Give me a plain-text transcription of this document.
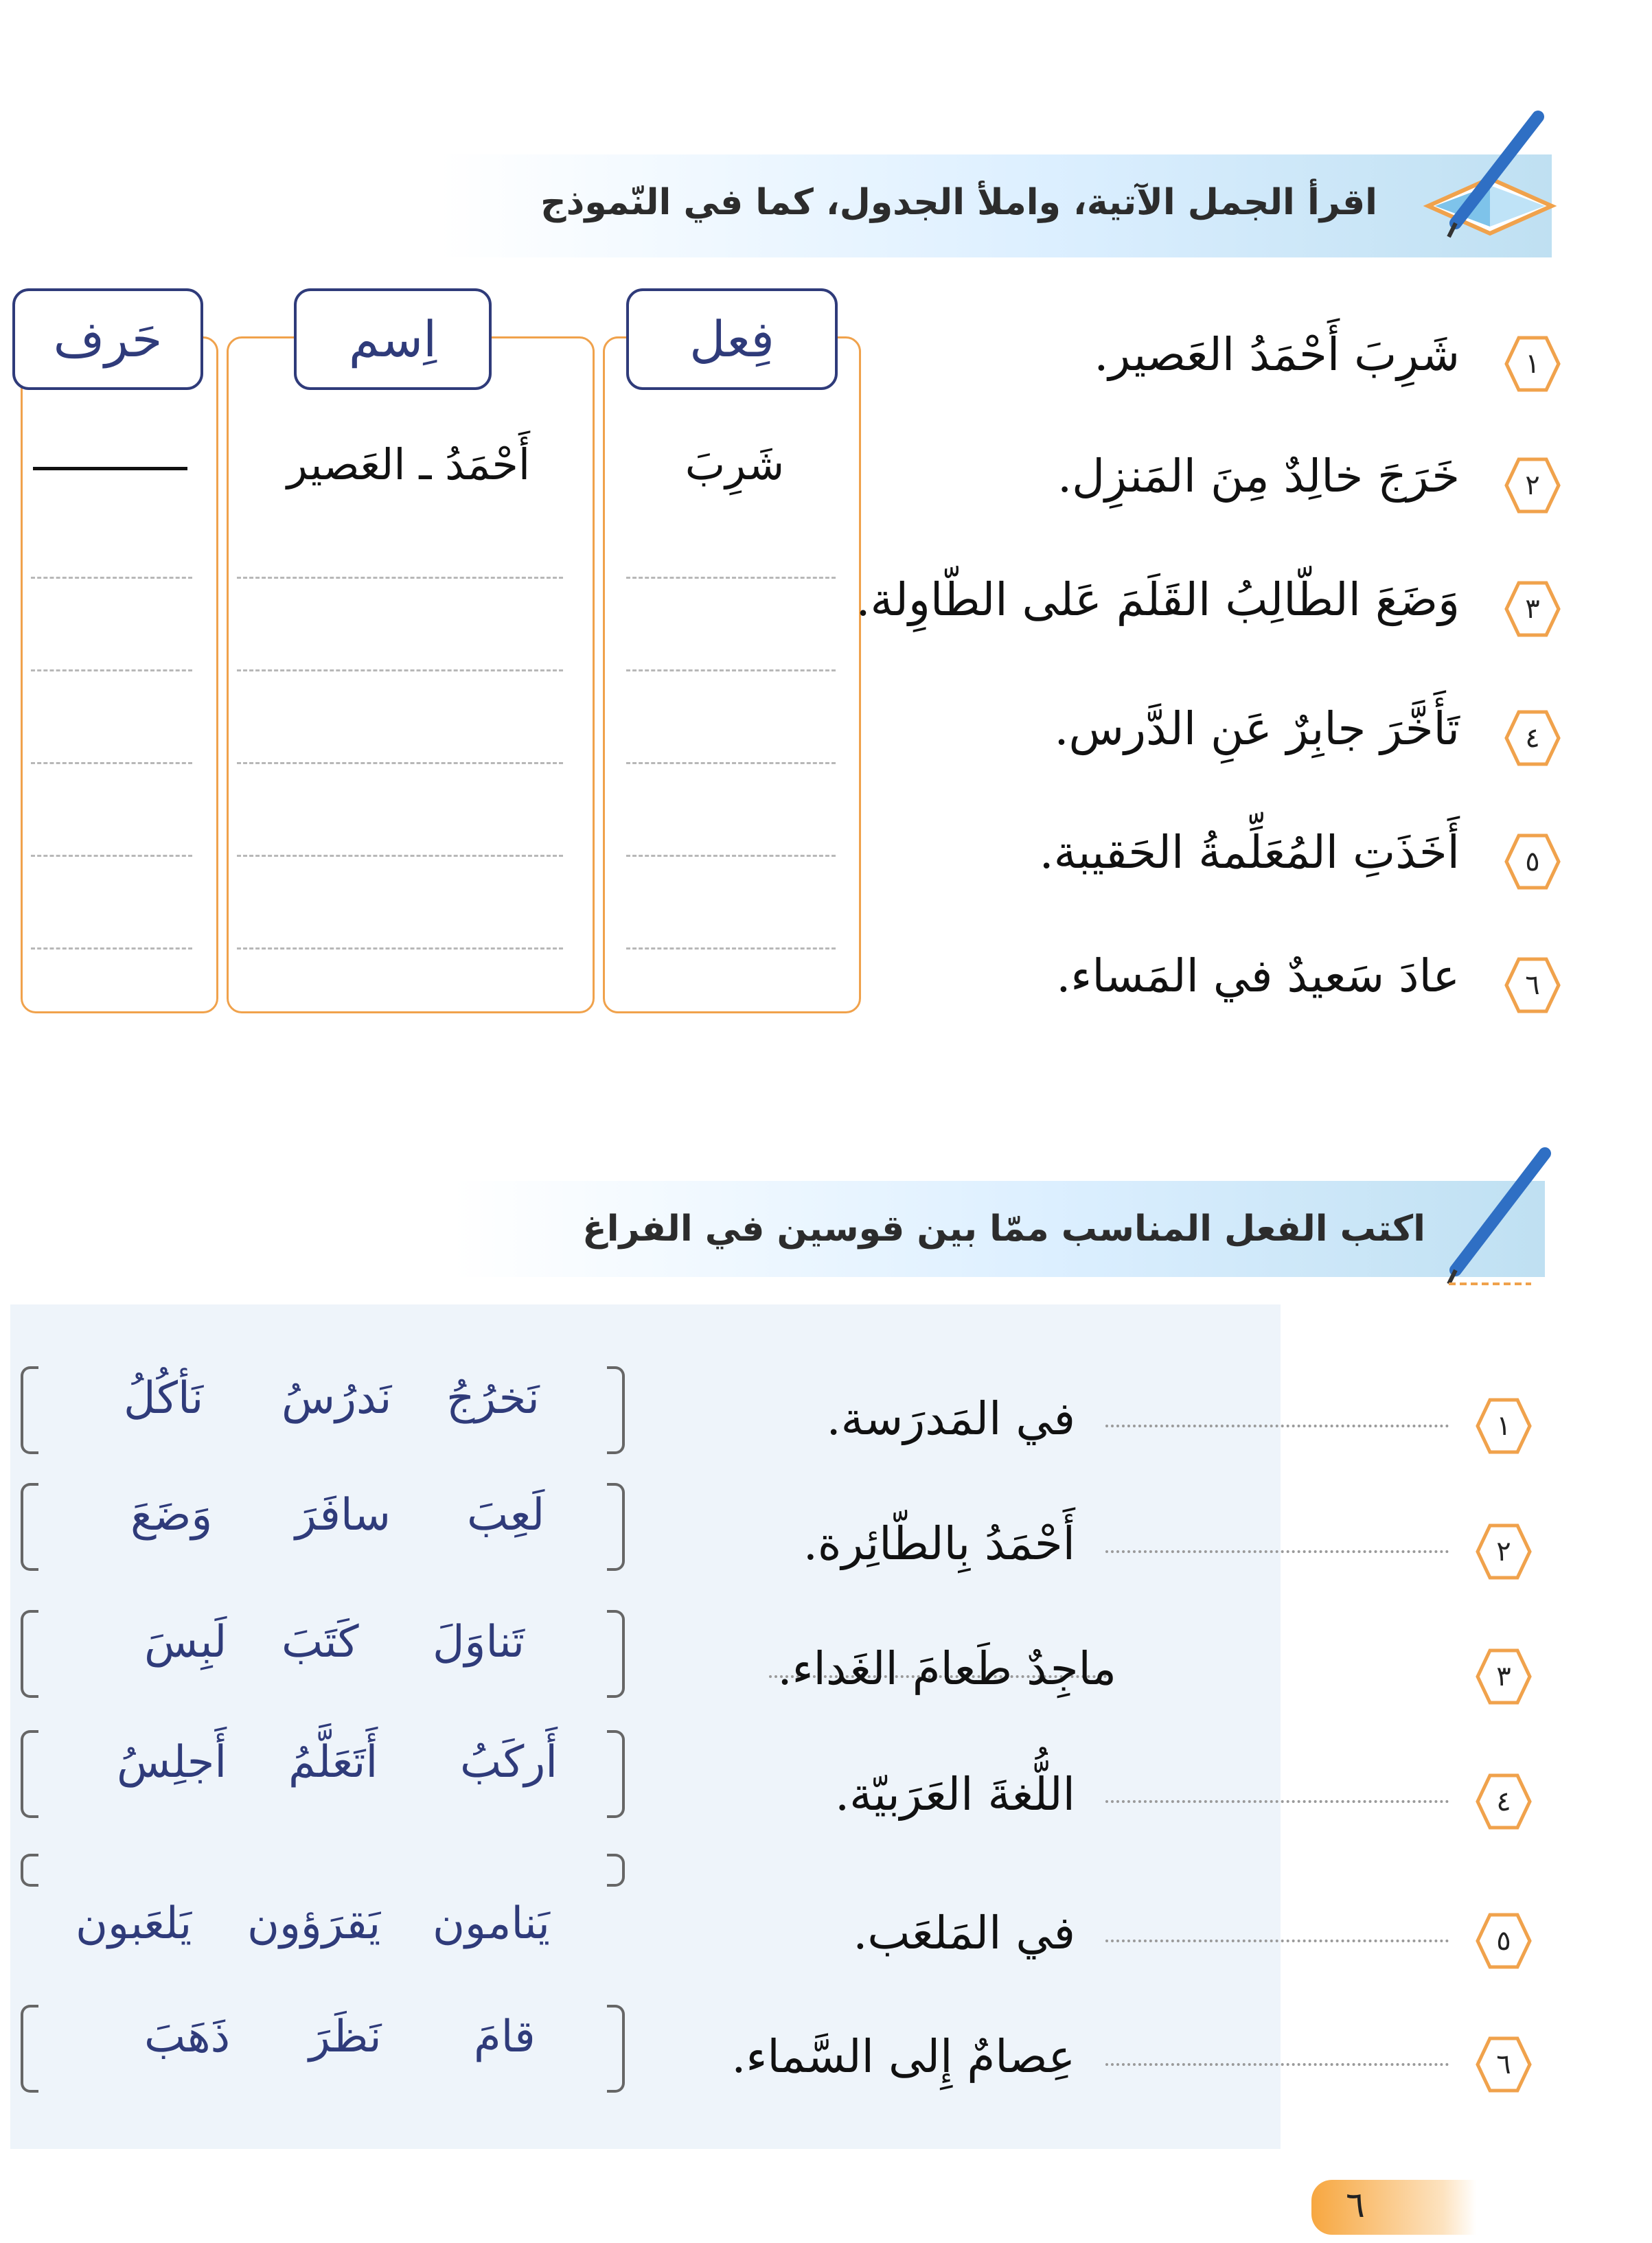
اقرأ الجمل الآتية، واملأ الجدول، كما في النّموذج
فِعل
اِسم
حَرف
شَرِبَ
أَحْمَدُ ـ العَصير
١
شَرِبَ أَحْمَدُ العَصير.
٢
خَرَجَ خالِدٌ مِنَ المَنزِل.
٣
وَضَعَ الطّالِبُ القَلَمَ عَلى الطّاوِلة.
٤
تَأَخَّرَ جابِرٌ عَنِ الدَّرس.
٥
أَخَذَتِ المُعَلِّمةُ الحَقيبة.
٦
عادَ سَعيدٌ في المَساء.
اكتب الفعل المناسب ممّا بين قوسين في الفراغ
١
في المَدرَسة.
نَخرُجُ
نَدرُسُ
نَأكُلُ
٢
أَحْمَدُ بِالطّائِرة.
لَعِبَ
سافَرَ
وَضَعَ
٣
ماجِدٌ طَعامَ الغَداء.
تَناوَلَ
كَتَبَ
لَبِسَ
٤
اللُّغةَ العَرَبيّة.
أَركَبُ
أَتَعَلَّمُ
أَجلِسُ
٥
في المَلعَب.
يَنامون
يَقرَؤون
يَلعَبون
٦
عِصامٌ إِلى السَّماء.
قامَ
نَظَرَ
ذَهَبَ
٦
